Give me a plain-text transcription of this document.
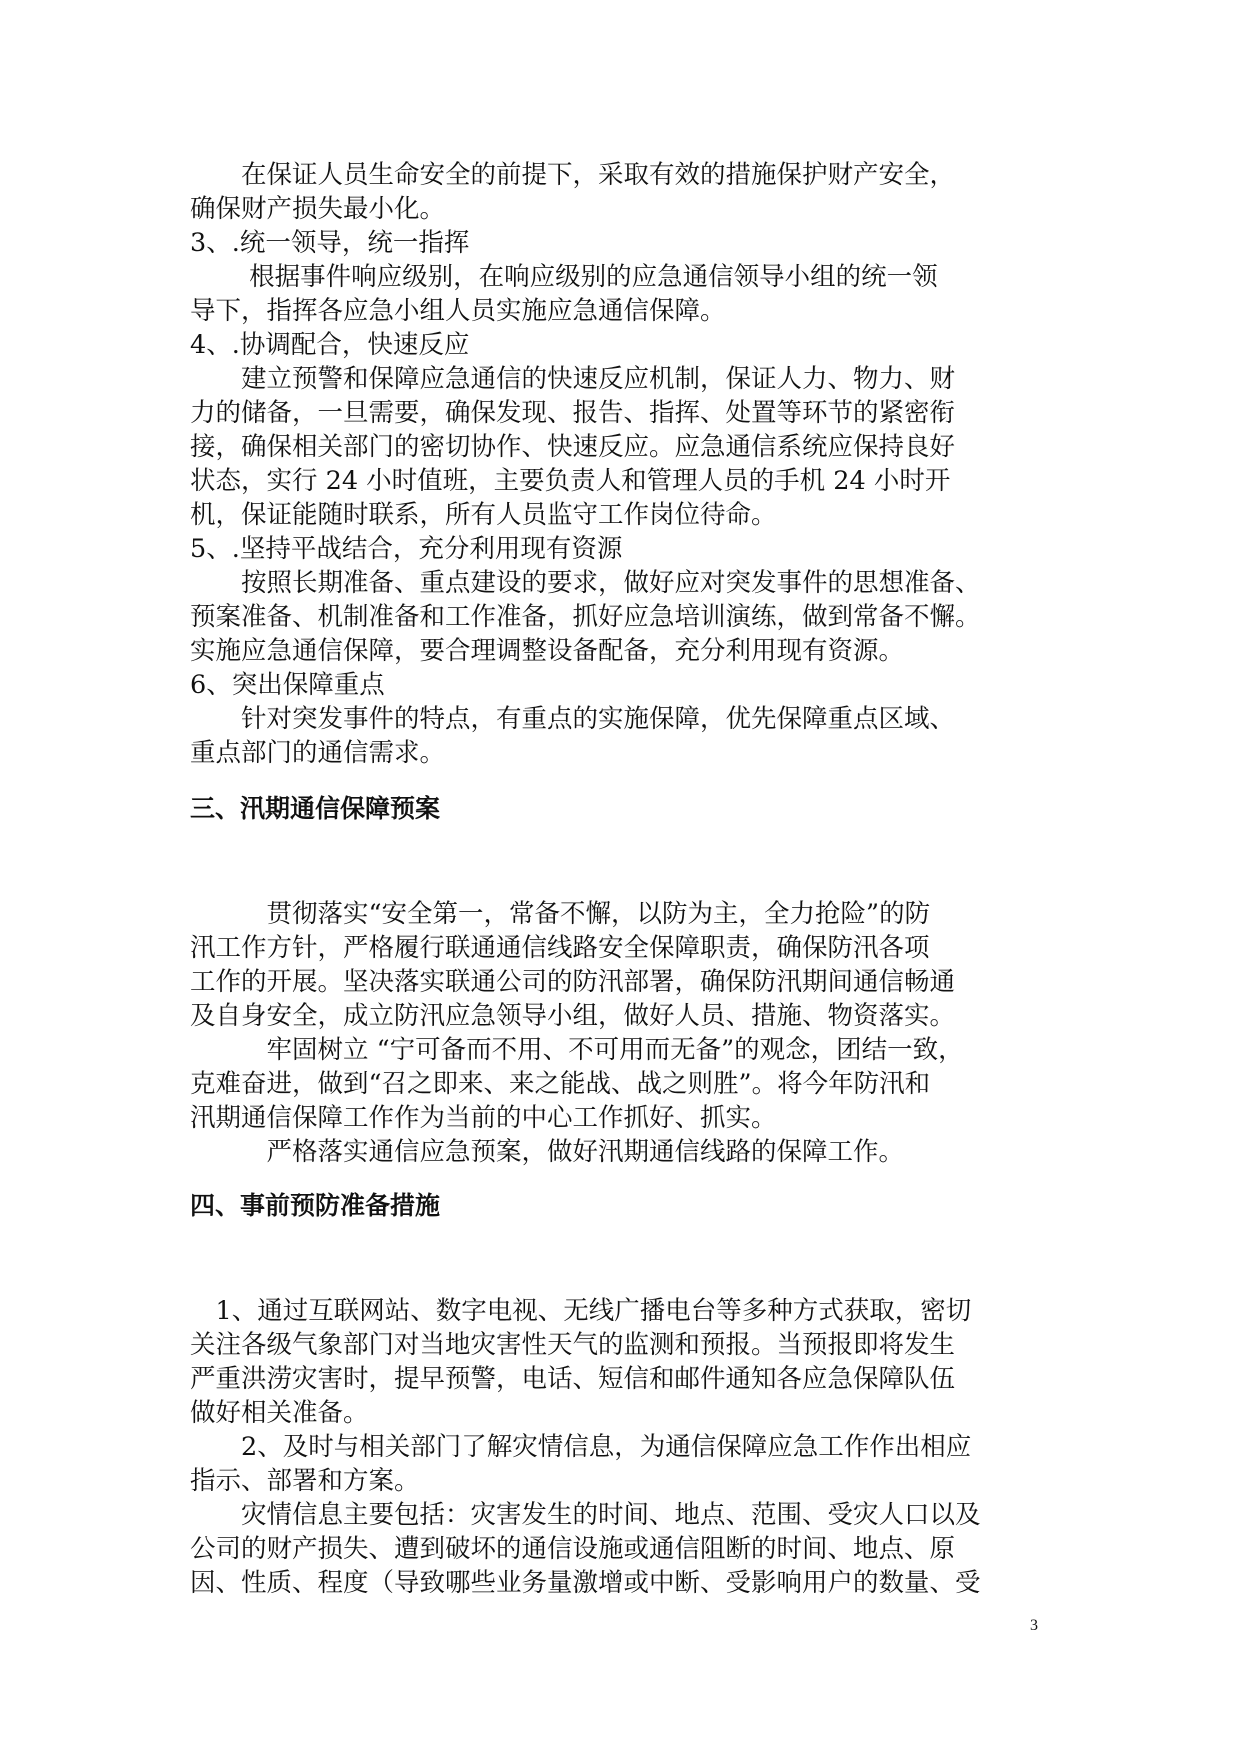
　　在保证人员生命安全的前提下，采取有效的措施保护财产安全，

确保财产损失最小化。

3、.统一领导，统一指挥

　　 根据事件响应级别，在响应级别的应急通信领导小组的统一领

导下，指挥各应急小组人员实施应急通信保障。

4、.协调配合，快速反应

　　建立预警和保障应急通信的快速反应机制，保证人力、物力、财

力的储备，一旦需要，确保发现、报告、指挥、处置等环节的紧密衔

接，确保相关部门的密切协作、快速反应。应急通信系统应保持良好

状态，实行 24 小时值班，主要负责人和管理人员的手机 24 小时开

机，保证能随时联系，所有人员监守工作岗位待命。

5、.坚持平战结合，充分利用现有资源

　　按照长期准备、重点建设的要求，做好应对突发事件的思想准备、

预案准备、机制准备和工作准备，抓好应急培训演练，做到常备不懈。

实施应急通信保障，要合理调整设备配备，充分利用现有资源。

6、突出保障重点

　　针对突发事件的特点，有重点的实施保障，优先保障重点区域、

重点部门的通信需求。

三、汛期通信保障预案

　　　贯彻落实“安全第一，常备不懈，以防为主，全力抢险”的防

汛工作方针，严格履行联通通信线路安全保障职责，确保防汛各项

工作的开展。坚决落实联通公司的防汛部署，确保防汛期间通信畅通

及自身安全，成立防汛应急领导小组，做好人员、措施、物资落实。

　　　牢固树立 “宁可备而不用、不可用而无备”的观念，团结一致，

克难奋进，做到“召之即来、来之能战、战之则胜”。将今年防汛和

汛期通信保障工作作为当前的中心工作抓好、抓实。

　　　严格落实通信应急预案，做好汛期通信线路的保障工作。

四、事前预防准备措施

　1、通过互联网站、数字电视、无线广播电台等多种方式获取，密切

关注各级气象部门对当地灾害性天气的监测和预报。当预报即将发生

严重洪涝灾害时，提早预警，电话、短信和邮件通知各应急保障队伍

做好相关准备。

　　2、及时与相关部门了解灾情信息，为通信保障应急工作作出相应

指示、部署和方案。

　　灾情信息主要包括：灾害发生的时间、地点、范围、受灾人口以及

公司的财产损失、遭到破坏的通信设施或通信阻断的时间、地点、原

因、性质、程度（导致哪些业务量激增或中断、受影响用户的数量、受

3
